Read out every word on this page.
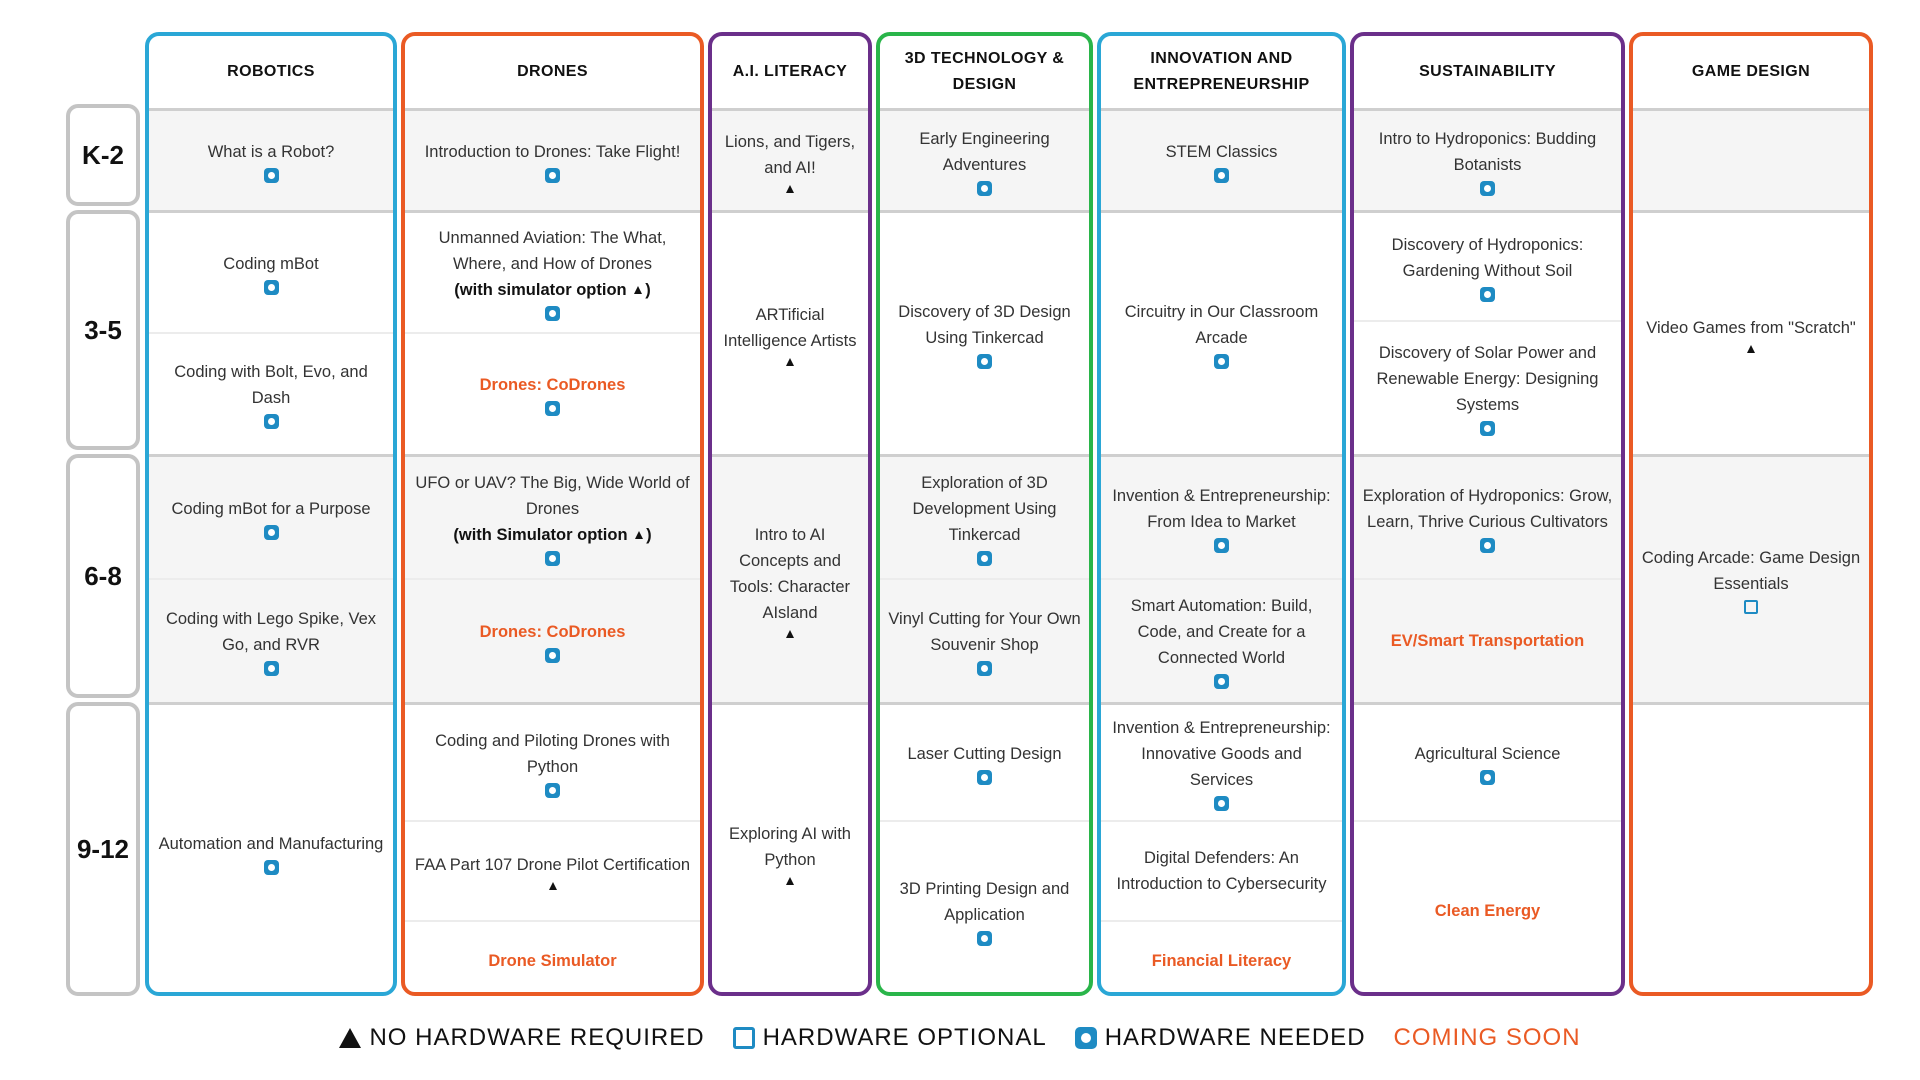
K-2
3-5
6-8
9-12
ROBOTICS
What is a Robot?
Coding mBot
Coding with Bolt, Evo, and Dash
Coding mBot for a Purpose
Coding with Lego Spike, Vex Go, and RVR
Automation and Manufacturing
DRONES
Introduction to Drones: Take Flight!
Unmanned Aviation: The What, Where, and How of Drones
(with simulator option )
Drones: CoDrones
UFO or UAV? The Big, Wide World of Drones
(with Simulator option )
Drones: CoDrones
Coding and Piloting Drones with Python
FAA Part 107 Drone Pilot Certification
Drone Simulator
A.I. LITERACY
Lions, and Tigers, and AI!
ARTificial Intelligence Artists
Intro to AI Concepts and Tools: Character AIsland
Exploring AI with Python
3D TECHNOLOGY & DESIGN
Early Engineering Adventures
Discovery of 3D Design Using Tinkercad
Exploration of 3D Development Using Tinkercad
Vinyl Cutting for Your Own Souvenir Shop
Laser Cutting Design
3D Printing Design and Application
INNOVATION AND ENTREPRENEURSHIP
STEM Classics
Circuitry in Our Classroom Arcade
Invention & Entrepreneurship: From Idea to Market
Smart Automation: Build, Code, and Create for a Connected World
Invention & Entrepreneurship: Innovative Goods and Services
Digital Defenders: An Introduction to Cybersecurity
Financial Literacy
SUSTAINABILITY
Intro to Hydroponics: Budding Botanists
Discovery of Hydroponics: Gardening Without Soil
Discovery of Solar Power and Renewable Energy: Designing Systems
Exploration of Hydroponics: Grow, Learn, Thrive Curious Cultivators
EV/Smart Transportation
Agricultural Science
Clean Energy
GAME DESIGN
Video Games from "Scratch"
Coding Arcade: Game Design Essentials
NO HARDWARE REQUIRED HARDWARE OPTIONAL HARDWARE NEEDED COMING SOON
